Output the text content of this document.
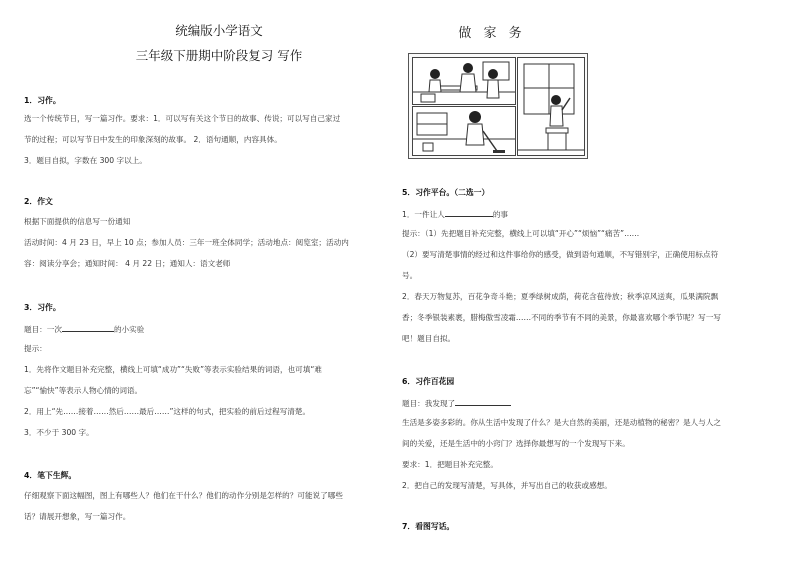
统编版小学语文
三年级下册期中阶段复习 写作
1．习作。
选一个传统节日，写一篇习作。要求：1．可以写有关这个节日的故事、传说；可以写自己家过
节的过程；可以写节日中发生的印象深刻的故事。 2．语句通顺，内容具体。
3．题目自拟，字数在 300 字以上。
2．作文
根据下面提供的信息写一份通知
活动时间：4 月 23 日，早上 10 点；参加人员：三年一班全体同学；活动地点：阅览室；活动内
容：阅读分享会；通知时间： 4 月 22 日；通知人：语文老师
3．习作。
题目：一次	的小实验
提示：
1．先将作文题目补充完整，横线上可填“成功”“失败”等表示实验结果的词语，也可填“难
忘”“愉快”等表示人物心情的词语。
2．用上“先……接着……然后……最后……”这样的句式，把实验的前后过程写清楚。
3．不少于 300 字。
4．笔下生辉。
仔细观察下面这幅图，图上有哪些人？他们在干什么？他们的动作分别是怎样的？可能说了哪些
话？请展开想象，写一篇习作。
做 家 务
5．习作平台。（二选一）
1．一件让人	的事
提示：（1）先把题目补充完整，横线上可以填“开心”“烦恼”“痛苦”……
（2）要写清楚事情的经过和这件事给你的感受，做到语句通顺，不写错别字，正确使用标点符
号。
2．春天万物复苏，百花争奇斗艳；夏季绿树成荫，荷花含苞待放；秋季凉风送爽，瓜果满院飘
香；冬季银装素裹，腊梅傲雪凌霜……不同的季节有不同的美景，你最喜欢哪个季节呢？写一写
吧！题目自拟。
6．习作百花园
题目：我发现了
生活是多姿多彩的。你从生活中发现了什么？是大自然的美丽，还是动植物的秘密？是人与人之
间的关爱，还是生活中的小窍门？选择你最想写的一个发现写下来。
要求：1．把题目补充完整。
2．把自己的发现写清楚，写具体，并写出自己的收获或感想。
7．看图写话。
